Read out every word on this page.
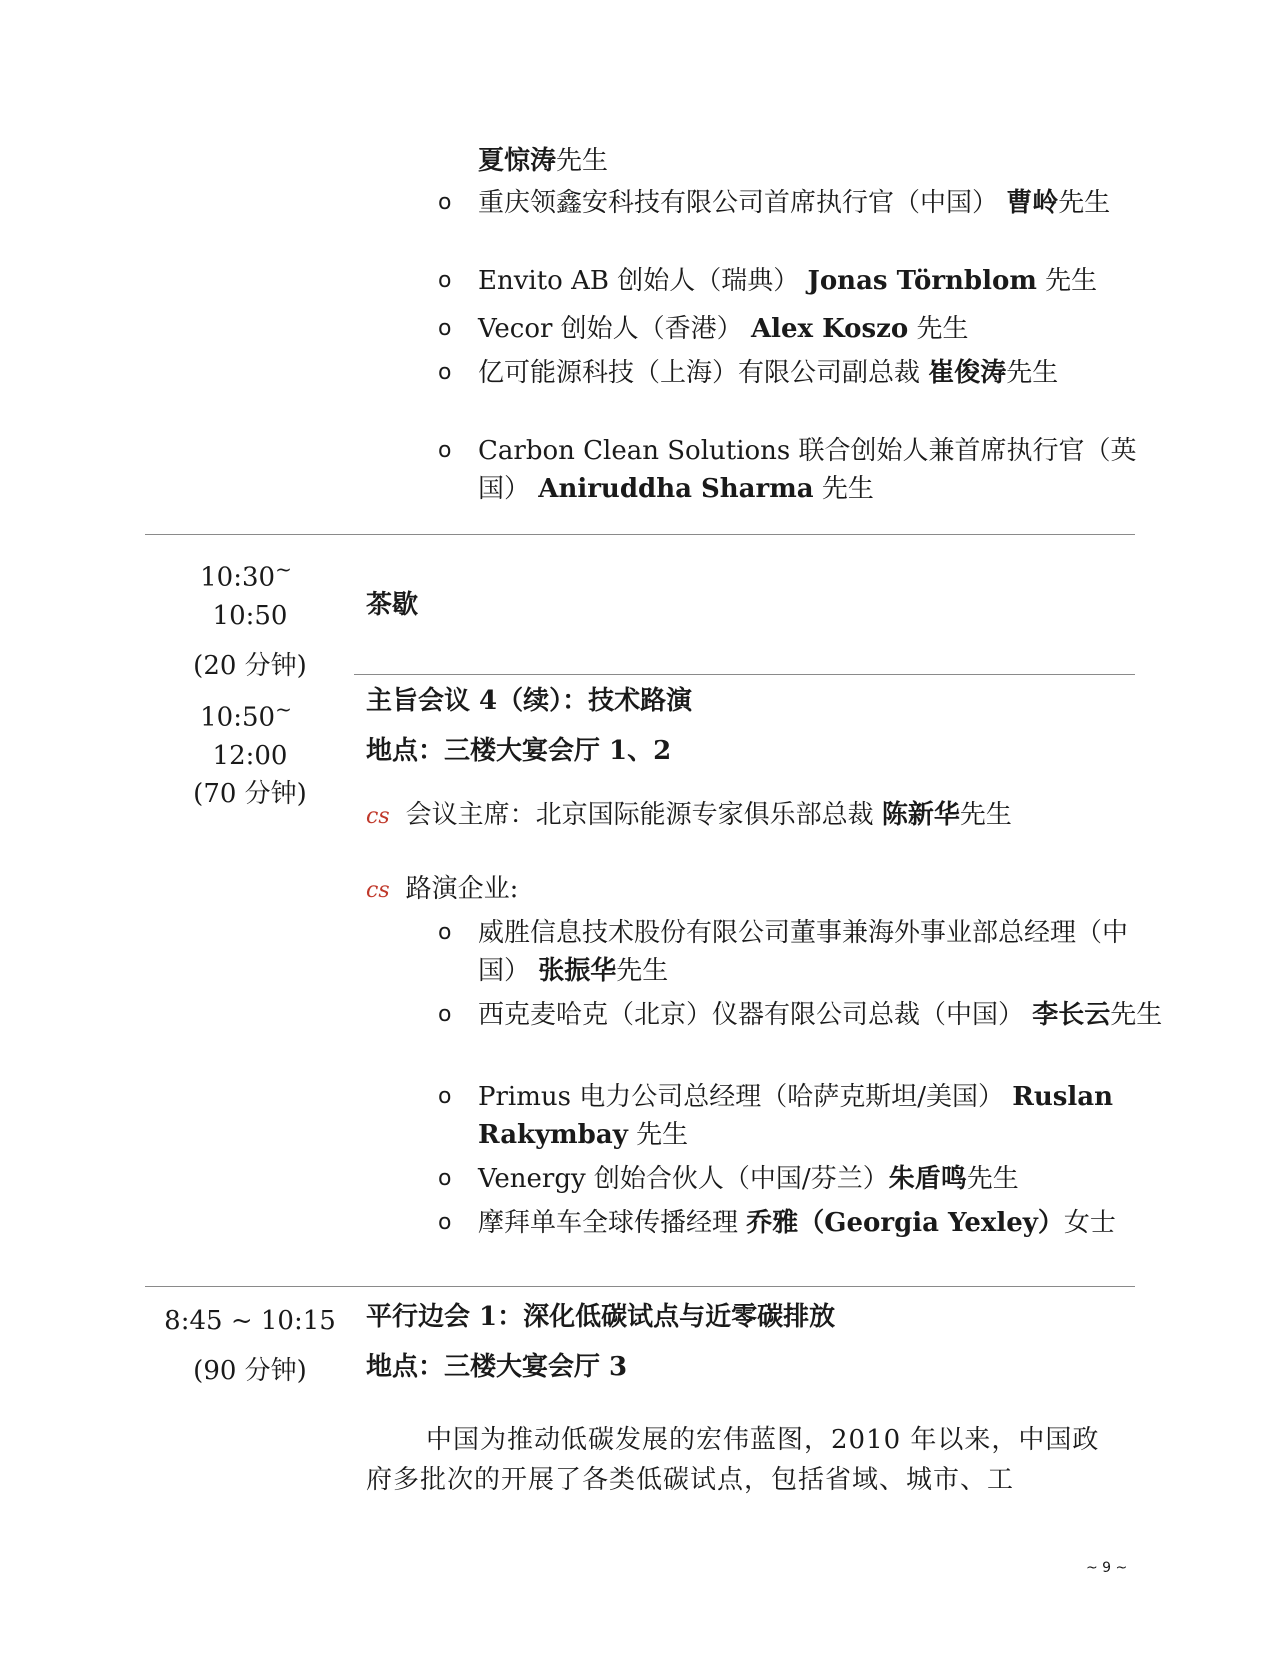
夏惊涛先生
o 重庆领鑫安科技有限公司首席执行官（中国） 曹岭先生
o Envito AB 创始人（瑞典） Jonas Törnblom 先生
o Vecor 创始人（香港） Alex Koszo 先生
o 亿可能源科技（上海）有限公司副总裁 崔俊涛先生
o Carbon Clean Solutions 联合创始人兼首席执行官（英国） Aniruddha Sharma 先生
10:30~
10:50
(20 分钟)
茶歇
10:50~
12:00
(70 分钟)
主旨会议 4（续）：技术路演
地点：三楼大宴会厅 1、2
cs 会议主席：北京国际能源专家俱乐部总裁 陈新华先生
cs 路演企业:
o 威胜信息技术股份有限公司董事兼海外事业部总经理（中国） 张振华先生
o 西克麦哈克（北京）仪器有限公司总裁（中国） 李长云先生
o Primus 电力公司总经理（哈萨克斯坦/美国） Ruslan Rakymbay 先生
o Venergy 创始合伙人（中国/芬兰）朱盾鸣先生
o 摩拜单车全球传播经理 乔雅（Georgia Yexley）女士
8:45 ~ 10:15
(90 分钟)
平行边会 1：深化低碳试点与近零碳排放
地点：三楼大宴会厅 3
中国为推动低碳发展的宏伟蓝图，2010 年以来，中国政府多批次的开展了各类低碳试点，包括省域、城市、工
~ 9 ~
